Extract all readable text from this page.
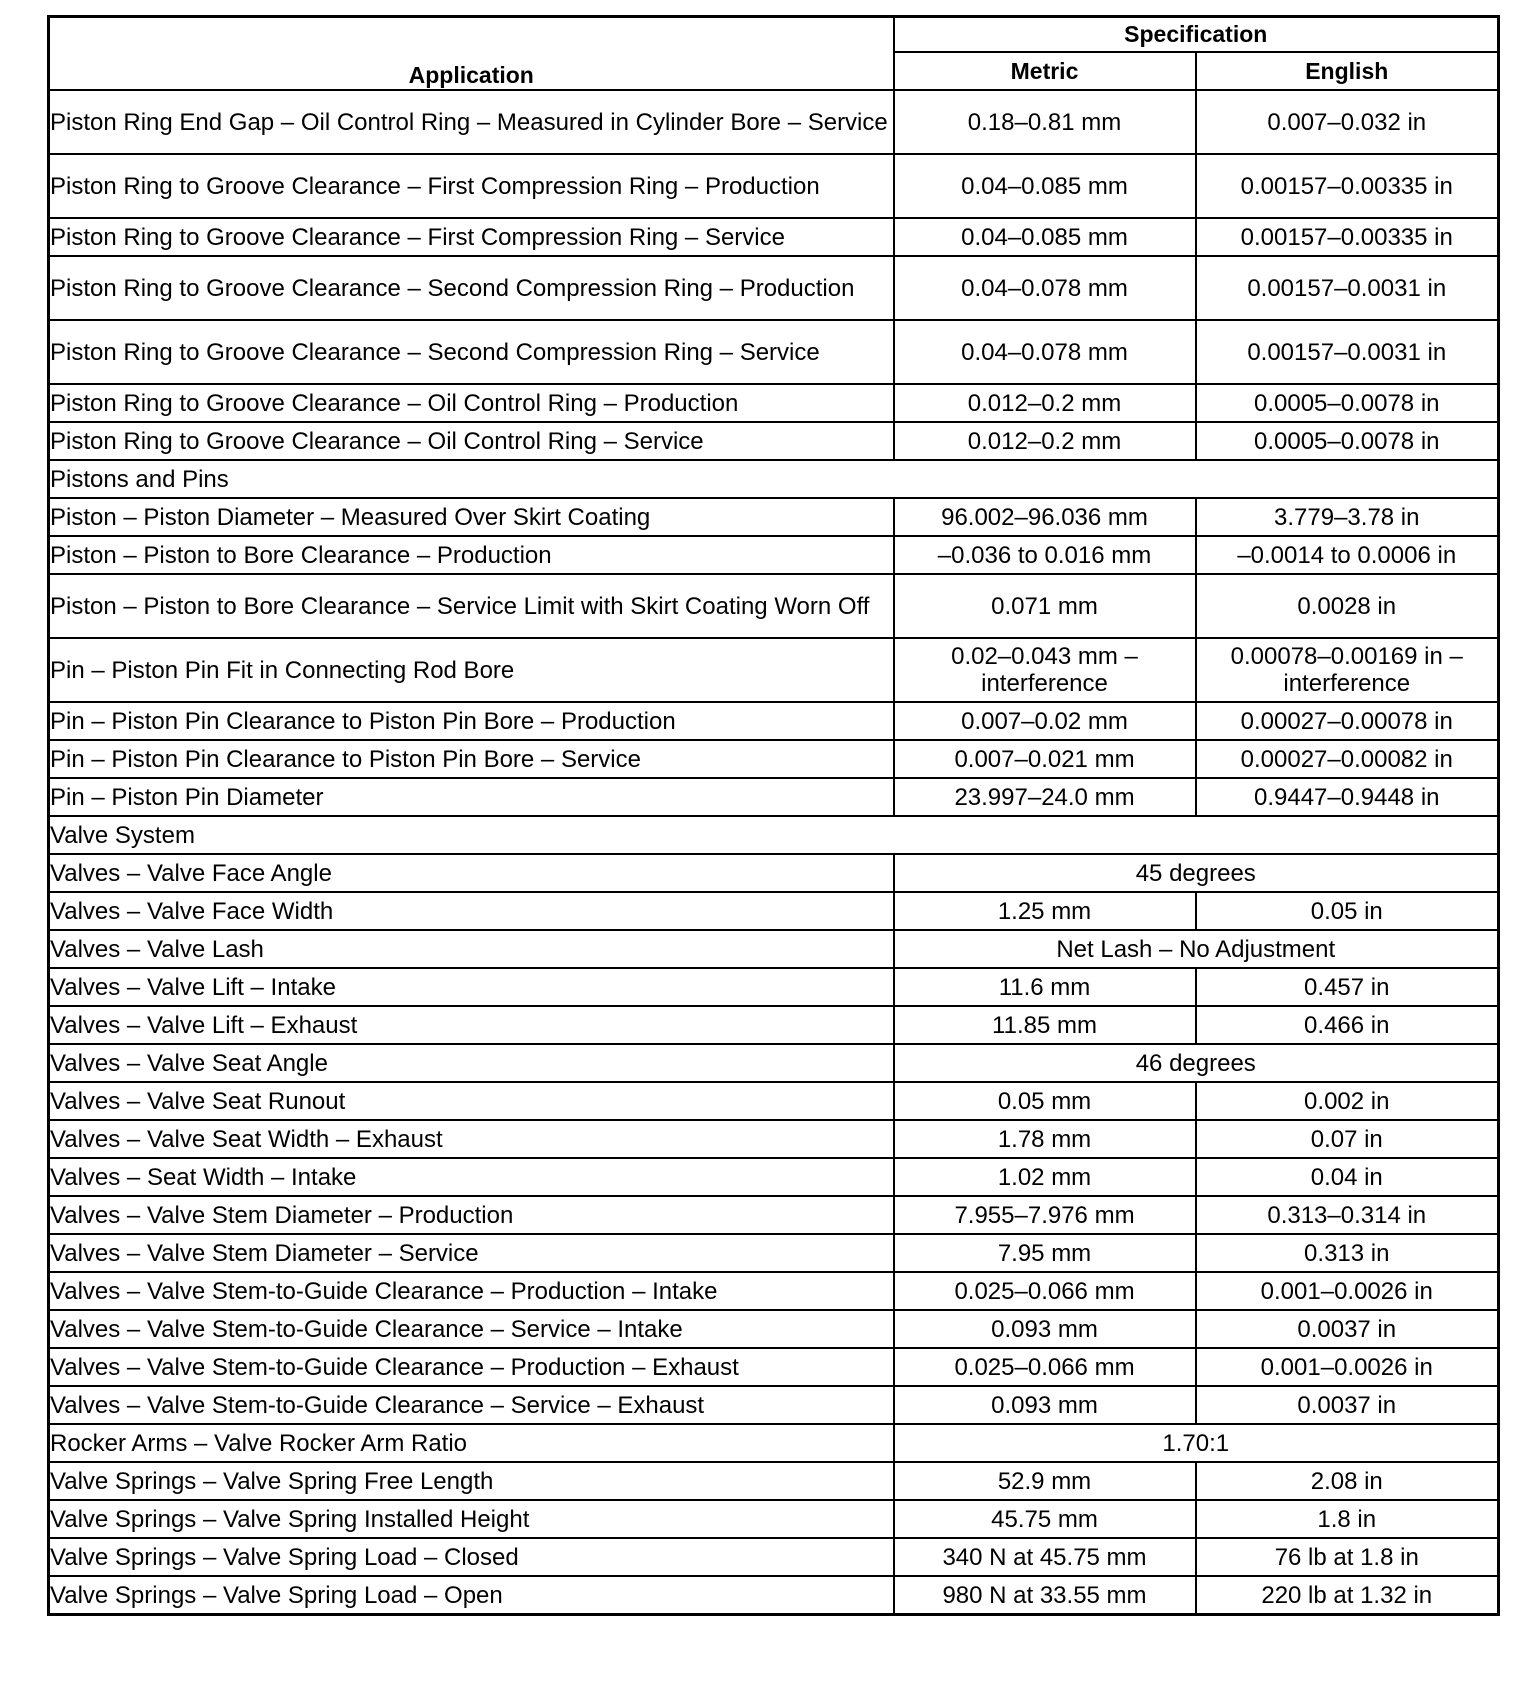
Application	Specification	
	Metric	English
Piston Ring End Gap – Oil Control Ring – Measured in Cylinder Bore – Service	0.18–0.81 mm	0.007–0.032 in
Piston Ring to Groove Clearance – First Compression Ring – Production	0.04–0.085 mm	0.00157–0.00335 in
Piston Ring to Groove Clearance – First Compression Ring – Service	0.04–0.085 mm	0.00157–0.00335 in
Piston Ring to Groove Clearance – Second Compression Ring – Production	0.04–0.078 mm	0.00157–0.0031 in
Piston Ring to Groove Clearance – Second Compression Ring – Service	0.04–0.078 mm	0.00157–0.0031 in
Piston Ring to Groove Clearance – Oil Control Ring – Production	0.012–0.2 mm	0.0005–0.0078 in
Piston Ring to Groove Clearance – Oil Control Ring – Service	0.012–0.2 mm	0.0005–0.0078 in
Pistons and Pins		
Piston – Piston Diameter – Measured Over Skirt Coating	96.002–96.036 mm	3.779–3.78 in
Piston – Piston to Bore Clearance – Production	–0.036 to 0.016 mm	–0.0014 to 0.0006 in
Piston – Piston to Bore Clearance – Service Limit with Skirt Coating Worn Off	0.071 mm	0.0028 in
Pin – Piston Pin Fit in Connecting Rod Bore	0.02–0.043 mm – interference	0.00078–0.00169 in – interference
Pin – Piston Pin Clearance to Piston Pin Bore – Production	0.007–0.02 mm	0.00027–0.00078 in
Pin – Piston Pin Clearance to Piston Pin Bore – Service	0.007–0.021 mm	0.00027–0.00082 in
Pin – Piston Pin Diameter	23.997–24.0 mm	0.9447–0.9448 in
Valve System		
Valves – Valve Face Angle	45 degrees	
Valves – Valve Face Width	1.25 mm	0.05 in
Valves – Valve Lash	Net Lash – No Adjustment	
Valves – Valve Lift – Intake	11.6 mm	0.457 in
Valves – Valve Lift – Exhaust	11.85 mm	0.466 in
Valves – Valve Seat Angle	46 degrees	
Valves – Valve Seat Runout	0.05 mm	0.002 in
Valves – Valve Seat Width – Exhaust	1.78 mm	0.07 in
Valves – Seat Width – Intake	1.02 mm	0.04 in
Valves – Valve Stem Diameter – Production	7.955–7.976 mm	0.313–0.314 in
Valves – Valve Stem Diameter – Service	7.95 mm	0.313 in
Valves – Valve Stem-to-Guide Clearance – Production – Intake	0.025–0.066 mm	0.001–0.0026 in
Valves – Valve Stem-to-Guide Clearance – Service – Intake	0.093 mm	0.0037 in
Valves – Valve Stem-to-Guide Clearance – Production – Exhaust	0.025–0.066 mm	0.001–0.0026 in
Valves – Valve Stem-to-Guide Clearance – Service – Exhaust	0.093 mm	0.0037 in
Rocker Arms – Valve Rocker Arm Ratio	1.70:1	
Valve Springs – Valve Spring Free Length	52.9 mm	2.08 in
Valve Springs – Valve Spring Installed Height	45.75 mm	1.8 in
Valve Springs – Valve Spring Load – Closed	340 N at 45.75 mm	76 lb at 1.8 in
Valve Springs – Valve Spring Load – Open	980 N at 33.55 mm	220 lb at 1.32 in
